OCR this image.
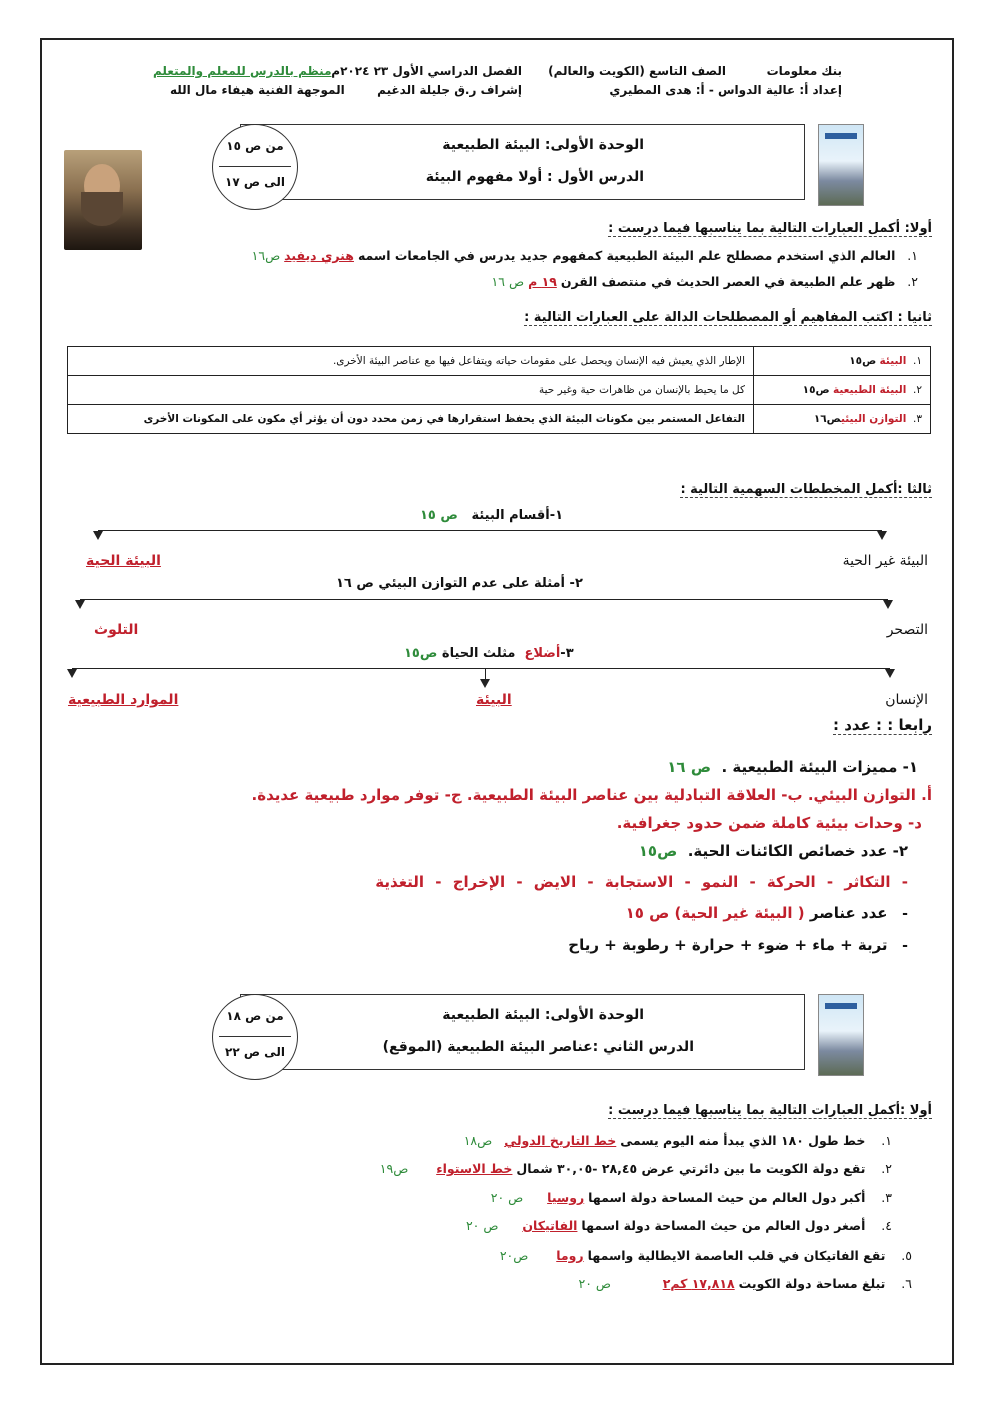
بنك معلومات
الصف التاسع (الكويت والعالم)
الفصل الدراسي الأول ٢٣ ٢٠٢٤م
منظم بالدرس للمعلم والمتعلم
إعداد أ: عالية الدواس - أ: هدى المطيري
إشراف ر.ق جليلة الدغيم
الموجهة الفنية هيفاء مال الله
الوحدة الأولى: البيئة الطبيعية
الدرس الأول : أولا مفهوم البيئة
من ص ١٥
الى ص ١٧
أولا: أكمل العبارات التالية بما يناسبها فيما درست :
١.   العالم الذي استخدم مصطلح علم البيئة الطبيعية كمفهوم جديد يدرس في الجامعات اسمه هنري ديفيد ص١٦
٢.   ظهر علم الطبيعة في العصر الحديث في منتصف القرن ١٩ م ص ١٦
ثانيا : اكتب المفاهيم أو المصطلحات الدالة على العبارات التالية :
١.  البيئة ص١٥	الإطار الذي يعيش فيه الإنسان ويحصل على مقومات حياته ويتفاعل فيها مع عناصر البيئة الأخرى.
٢.  البيئة الطبيعية ص١٥	كل ما يحيط بالإنسان من ظاهرات حية وغير حية
٣.  التوازن البيئيص١٦	التفاعل المستمر بين مكونات البيئة الذي يحفظ استقرارها في زمن محدد دون أن يؤثر أي مكون على المكونات الأخرى
ثالثا :أكمل المخططات السهمية التالية :
١-أقسام البيئة   ص ١٥
البيئة غير الحية
البيئة الحية
٢- أمثلة على عدم التوازن البيئي ص ١٦
التصحر
التلوث
٣-أضلاع  مثلث الحياة ص١٥
الإنسان
البيئة
الموارد الطبيعية
رابعا : : عدد :
١- مميزات البيئة الطبيعية .  ص ١٦
أ. التوازن البيئي. ب- العلاقة التبادلية بين عناصر البيئة الطبيعية. ج- توفر موارد طبيعية عديدة.
د- وحدات بيئية كاملة ضمن حدود جغرافية.
٢- عدد خصائص الكائنات الحية.  ص١٥
- التكاثر - الحركة - النمو - الاستجابة - الايض - الإخراج - التغذية
-   عدد عناصر ( البيئة غير الحية) ص ١٥
-   تربة + ماء + ضوء + حرارة + رطوبة + رياح
الوحدة الأولى: البيئة الطبيعية
الدرس الثاني :عناصر البيئة الطبيعية (الموقع)
من ص ١٨
الى ص ٢٢
أولا :أكمل العبارات التالية بما يناسبها فيما درست :
١.    خط طول ١٨٠ الذي يبدأ منه اليوم يسمى خط التاريخ الدولي   ص١٨
٢.    تقع دولة الكويت ما بين دائرتي عرض ٢٨,٤٥ -٣٠,٠٥ شمال خط الاستواء       ص١٩
٣.    أكبر دول العالم من حيث المساحة دولة اسمها روسيا      ص ٢٠
٤.    أصغر دول العالم من حيث المساحة دولة اسمها الفاتيكان      ص ٢٠
٥.    تقع الفاتيكان في قلب العاصمة الايطالية واسمها روما       ص٢٠
٦.    تبلغ مساحة دولة الكويت ١٧,٨١٨ كم٢             ص ٢٠
